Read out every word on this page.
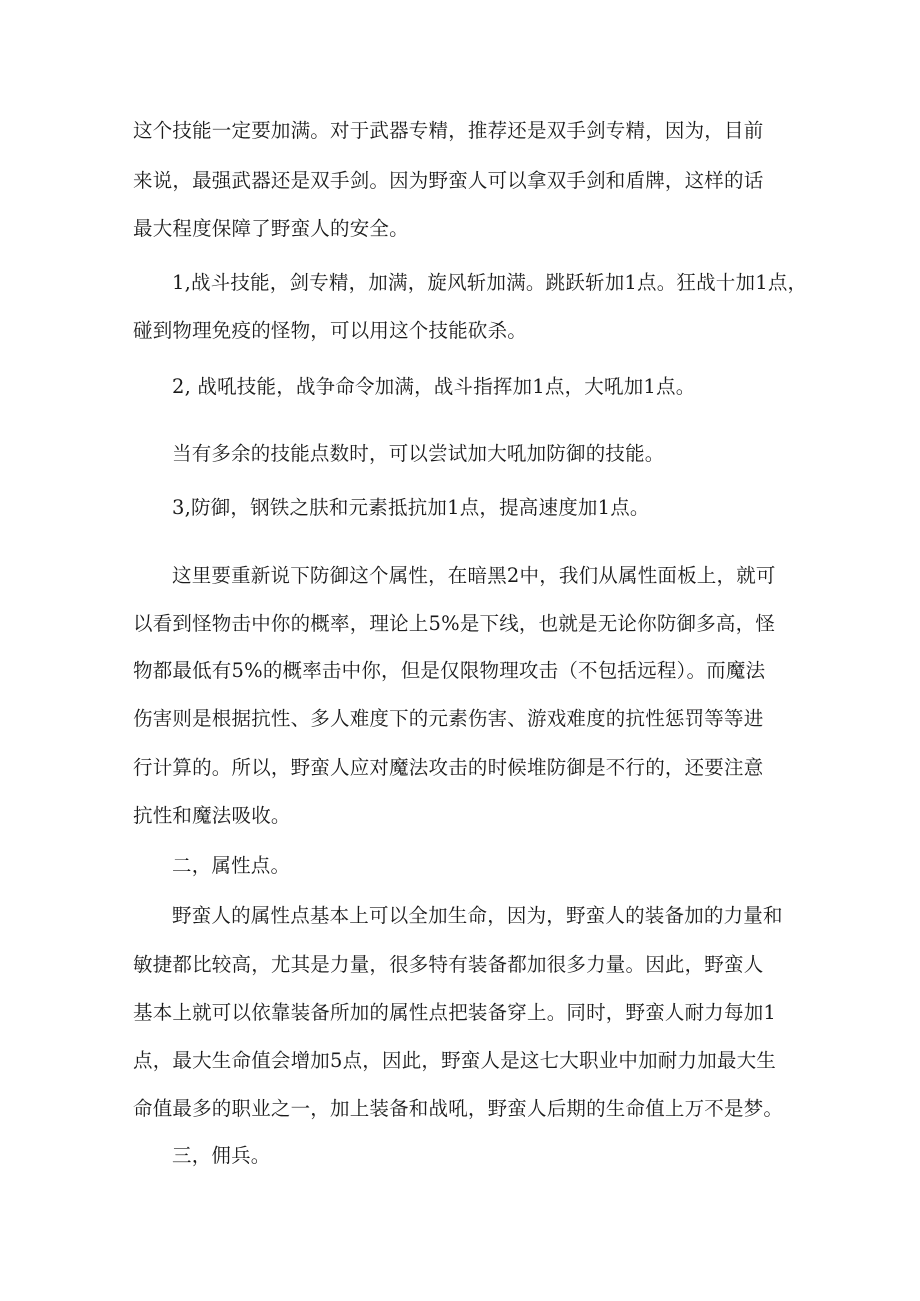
这个技能一定要加满。对于武器专精，推荐还是双手剑专精，因为，目前
来说，最强武器还是双手剑。因为野蛮人可以拿双手剑和盾牌，这样的话
最大程度保障了野蛮人的安全。
1,战斗技能，剑专精，加满，旋风斩加满。跳跃斩加1点。狂战十加1点，
碰到物理免疫的怪物，可以用这个技能砍杀。
2, 战吼技能，战争命令加满，战斗指挥加1点，大吼加1点。
当有多余的技能点数时，可以尝试加大吼加防御的技能。
3,防御，钢铁之肤和元素抵抗加1点，提高速度加1点。
这里要重新说下防御这个属性，在暗黑2中，我们从属性面板上，就可
以看到怪物击中你的概率，理论上5%是下线，也就是无论你防御多高，怪
物都最低有5%的概率击中你，但是仅限物理攻击（不包括远程）。而魔法
伤害则是根据抗性、多人难度下的元素伤害、游戏难度的抗性惩罚等等进
行计算的。所以，野蛮人应对魔法攻击的时候堆防御是不行的，还要注意
抗性和魔法吸收。
二，属性点。
野蛮人的属性点基本上可以全加生命，因为，野蛮人的装备加的力量和
敏捷都比较高，尤其是力量，很多特有装备都加很多力量。因此，野蛮人
基本上就可以依靠装备所加的属性点把装备穿上。同时，野蛮人耐力每加1
点，最大生命值会增加5点，因此，野蛮人是这七大职业中加耐力加最大生
命值最多的职业之一，加上装备和战吼，野蛮人后期的生命值上万不是梦。
三，佣兵。
